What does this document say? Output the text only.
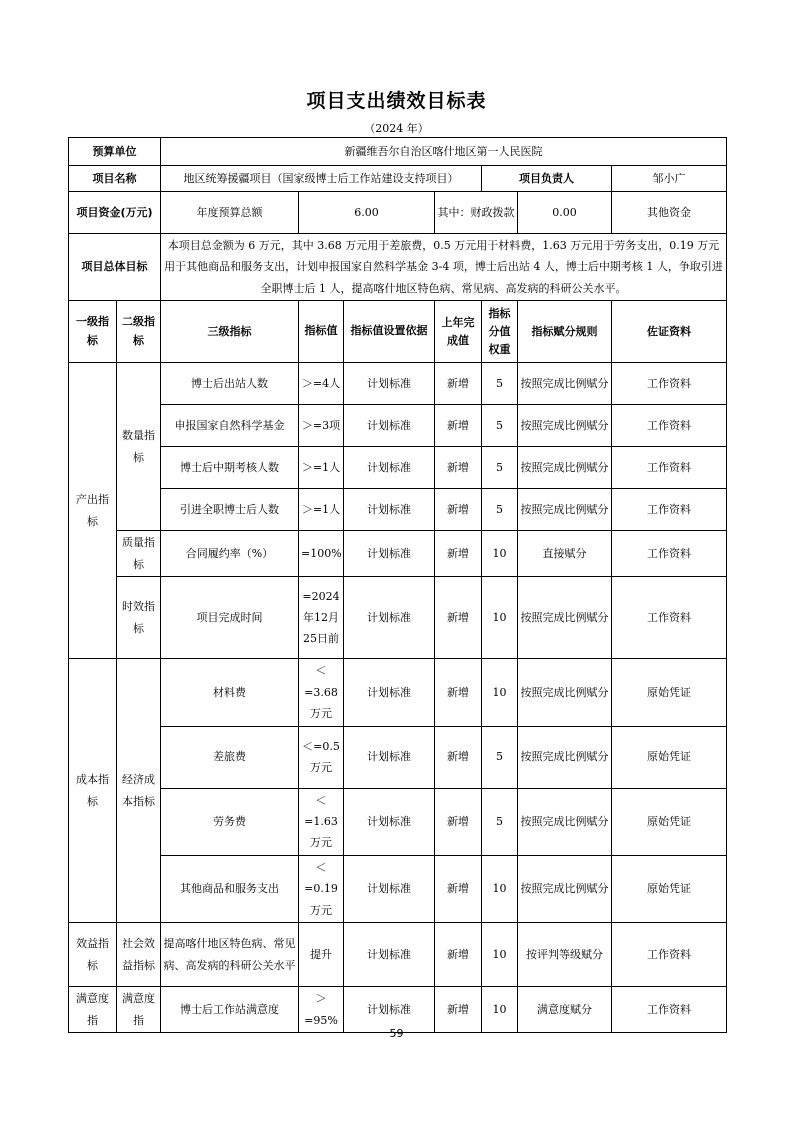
项目支出绩效目标表
（2024 年）
预算单位		新疆维吾尔自治区喀什地区第一人民医院						
项目名称		地区统筹援疆项目（国家级博士后工作站建设支持项目）				项目负责人		邹小广
项目资金(万元)		年度预算总额	6.00		其中：财政拨款		0.00	其他资金
项目总体目标		本项目总金额为 6 万元，其中 3.68 万元用于差旅费，0.5 万元用于材料费，1.63 万元用于劳务支出，0.19 万元用于其他商品和服务支出，计划申报国家自然科学基金 3-4 项，博士后出站 4 人，博士后中期考核 1 人，争取引进全职博士后 1 人，提高喀什地区特色病、常见病、高发病的科研公关水平。						
一级指标	二级指标	三级指标	指标值	指标值设置依据	上年完成值	指标分值权重	指标赋分规则	佐证资料
产出指标	数量指标	博士后出站人数	＞=4人	计划标准	新增	5	按照完成比例赋分	工作资料
		申报国家自然科学基金	＞=3项	计划标准	新增	5	按照完成比例赋分	工作资料
		博士后中期考核人数	＞=1人	计划标准	新增	5	按照完成比例赋分	工作资料
		引进全职博士后人数	＞=1人	计划标准	新增	5	按照完成比例赋分	工作资料
	质量指标	合同履约率（%）	=100%	计划标准	新增	10	直接赋分	工作资料
	时效指标	项目完成时间	=2024年12月25日前	计划标准	新增	10	按照完成比例赋分	工作资料
成本指标	经济成本指标	材料费	＜=3.68万元	计划标准	新增	10	按照完成比例赋分	原始凭证
		差旅费	＜=0.5万元	计划标准	新增	5	按照完成比例赋分	原始凭证
		劳务费	＜=1.63万元	计划标准	新增	5	按照完成比例赋分	原始凭证
		其他商品和服务支出	＜=0.19万元	计划标准	新增	10	按照完成比例赋分	原始凭证
效益指标	社会效益指标	提高喀什地区特色病、常见病、高发病的科研公关水平	提升	计划标准	新增	10	按评判等级赋分	工作资料
满意度指	满意度指	博士后工作站满意度	＞=95%	计划标准	新增	10	满意度赋分	工作资料
59
